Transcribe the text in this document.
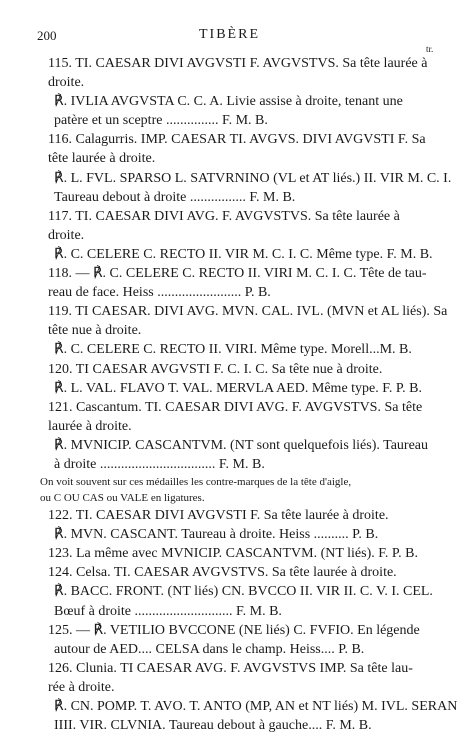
200	TIBÈRE
tr.
115. TI. CAESAR DIVI AVGVSTI F. AVGVSTVS. Sa tête laurée à
droite.
℟. IVLIA AVGVSTA C. C. A. Livie assise à droite, tenant une
patère et un sceptre ............... F. M. B.
116. Calagurris. IMP. CAESAR TI. AVGVS. DIVI AVGVSTI F. Sa
tête laurée à droite.
℟. L. FVL. SPARSO L. SATVRNINO (VL et AT liés.) II. VIR M. C. I.
Taureau debout à droite ................ F. M. B.
117. TI. CAESAR DIVI AVG. F. AVGVSTVS. Sa tête laurée à
droite.
℟. C. CELERE C. RECTO II. VIR M. C. I. C. Même type. F. M. B.
118. — ℟. C. CELERE C. RECTO II. VIRI M. C. I. C. Tête de tau-
reau de face. Heiss ........................ P. B.
119. TI CAESAR. DIVI AVG. MVN. CAL. IVL. (MVN et AL liés). Sa
tête nue à droite.
℟. C. CELERE C. RECTO II. VIRI. Même type. Morell...M. B.
120. TI CAESAR AVGVSTI F. C. I. C. Sa tête nue à droite.
℟. L. VAL. FLAVO T. VAL. MERVLA AED. Même type. F. P. B.
121. Cascantum. TI. CAESAR DIVI AVG. F. AVGVSTVS. Sa tête
laurée à droite.
℟. MVNICIP. CASCANTVM. (NT sont quelquefois liés). Taureau
à droite ................................. F. M. B.
On voit souvent sur ces médailles les contre-marques de la tête d'aigle,
ou C OU CAS ou VALE en ligatures.
122. TI. CAESAR DIVI AVGVSTI F. Sa tête laurée à droite.
℟. MVN. CASCANT. Taureau à droite. Heiss .......... P. B.
123. La même avec MVNICIP. CASCANTVM. (NT liés). F. P. B.
124. Celsa. TI. CAESAR AVGVSTVS. Sa tête laurée à droite.
℟. BACC. FRONT. (NT liés) CN. BVCCO II. VIR II. C. V. I. CEL.
Bœuf à droite ............................ F. M. B.
125. — ℟. VETILIO BVCCONE (NE liés) C. FVFIO. En légende
autour de AED.... CELSA dans le champ. Heiss.... P. B.
126. Clunia. TI CAESAR AVG. F. AVGVSTVS IMP. Sa tête lau-
rée à droite.
℟. CN. POMP. T. AVO. T. ANTO (MP, AN et NT liés) M. IVL. SERAN
IIII. VIR. CLVNIA. Taureau debout à gauche.... F. M. B.
